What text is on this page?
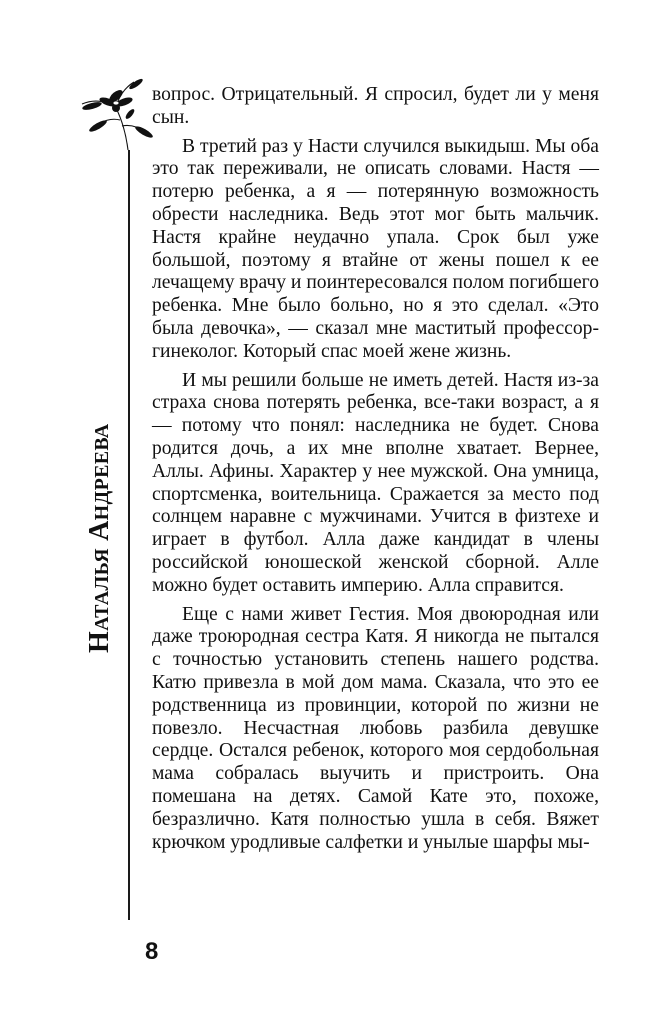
Наталья Андреева

вопрос. Отрицательный. Я спросил, будет ли у меня сын.

В третий раз у Насти случился выкидыш. Мы оба это так переживали, не описать словами. Настя — потерю ребенка, а я — потерянную возможность обрести наследника. Ведь этот мог быть мальчик. Настя крайне неудачно упала. Срок был уже большой, поэтому я втайне от жены пошел к ее лечащему врачу и поинтересовался полом погибшего ребенка. Мне было больно, но я это сделал. «Это была девочка», — сказал мне маститый профессор-гинеколог. Который спас моей жене жизнь.

И мы решили больше не иметь детей. Настя из-за страха снова потерять ребенка, все-таки возраст, а я — потому что понял: наследника не будет. Снова родится дочь, а их мне вполне хватает. Вернее, Аллы. Афины. Характер у нее мужской. Она умница, спортсменка, воительница. Сражается за место под солнцем наравне с мужчинами. Учится в физтехе и играет в футбол. Алла даже кандидат в члены российской юношеской женской сборной. Алле можно будет оставить империю. Алла справится.

Еще с нами живет Гестия. Моя двоюродная или даже троюродная сестра Катя. Я никогда не пытался с точностью установить степень нашего родства. Катю привезла в мой дом мама. Сказала, что это ее родственница из провинции, которой по жизни не повезло. Несчастная любовь разбила девушке сердце. Остался ребенок, которого моя сердобольная мама собралась выучить и пристроить. Она помешана на детях. Самой Кате это, похоже, безразлично. Катя полностью ушла в себя. Вяжет крючком уродливые салфетки и унылые шарфы мы-

8
